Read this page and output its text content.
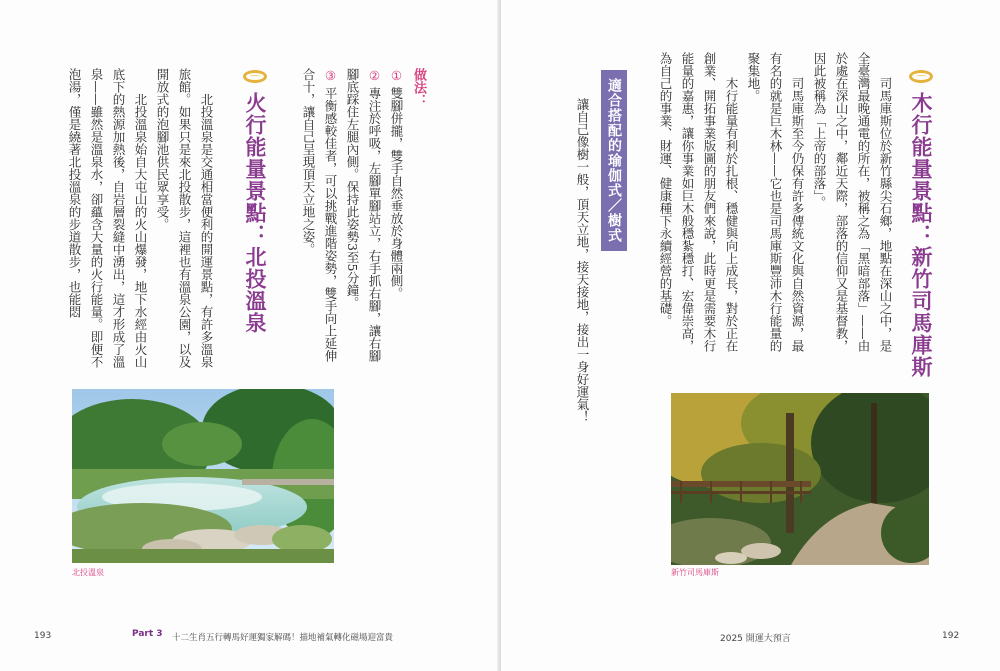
做法：

① 雙腳併攏，雙手自然垂放於身體兩側。

② 專注於呼吸，左腳單腳站立，右手抓右腳，讓右腳腳底踩住左腿內側。保持此姿勢3至5分鐘。

③ 平衡感較佳者，可以挑戰進階姿勢，雙手向上延伸合十，讓自己呈現頂天立地之姿。

火行能量景點：北投溫泉

北投溫泉是交通相當便利的開運景點，有許多溫泉旅館。如果只是來北投散步，這裡也有溫泉公園，以及開放式的泡腳池供民眾享受。

北投溫泉始自大屯山的火山爆發，地下水經由火山底下的熱源加熱後，自岩層裂縫中湧出，這才形成了溫泉——雖然是溫泉水，卻蘊含大量的火行能量。即便不泡湯，僅是繞著北投溫泉的步道散步，也能悶

北投溫泉
193	Part 3 十二生肖五行轉馬好運獨家解碼！描地補氣轉化磁場迎富貴
木行能量景點：新竹司馬庫斯

司馬庫斯位於新竹縣尖石鄉，地點在深山之中，是全臺灣最晚通電的所在，被稱之為「黑暗部落」——由於處在深山之中，鄰近天際，部落的信仰又是基督教，因此被稱為「上帝的部落」。

司馬庫斯至今仍保有許多傳統文化與自然資源，最有名的就是巨木林——它也是司馬庫斯豐沛木行能量的聚集地。

木行能量有利於扎根、穩健與向上成長，對於正在創業、開拓事業版圖的朋友們來說，此時更是需要木行能量的嘉惠，讓你事業如巨木般穩紮穩打、宏偉崇高，為自己的事業、財運、健康種下永續經營的基礎。

適合搭配的瑜伽式／樹式
讓自己像樹一般，頂天立地，接天接地，接出一身好運氣！
新竹司馬庫斯
2025 開運大預言	192
